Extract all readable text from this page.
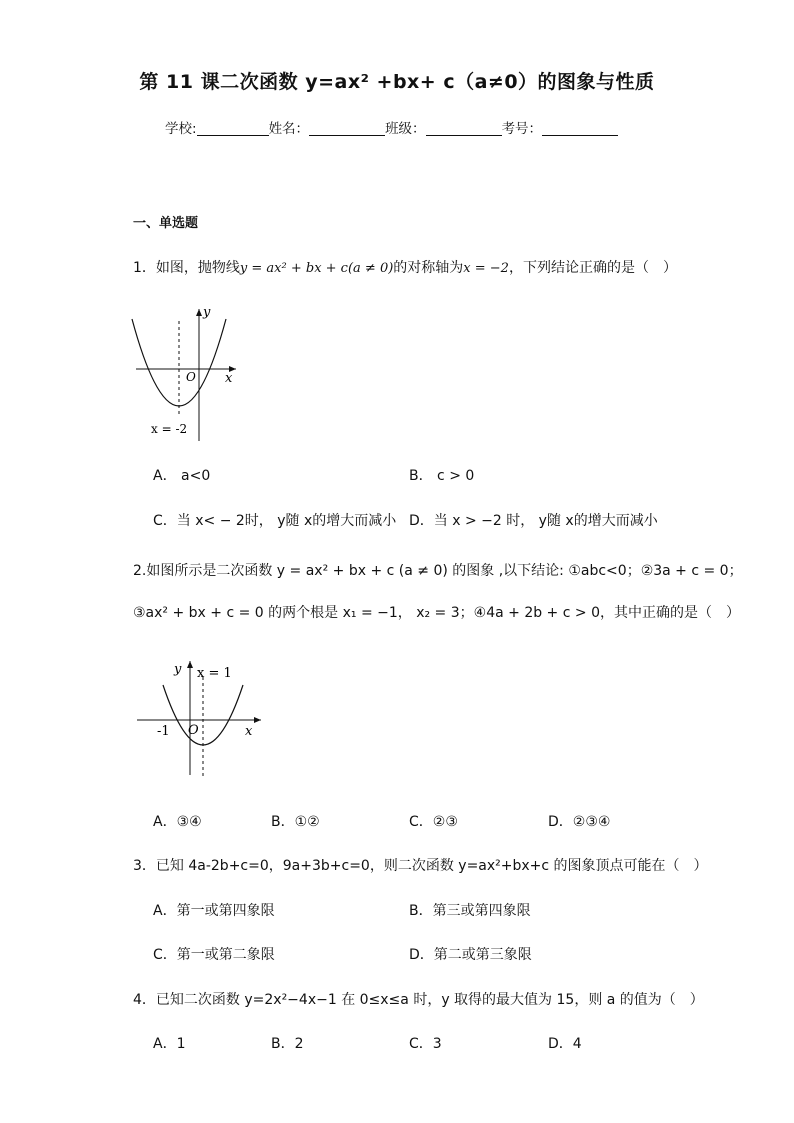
第 11 课二次函数 y=ax² +bx+ c（a≠0）的图象与性质
学校:	姓名：	班级：	考号：
一、单选题
1．如图，抛物线y = ax² + bx + c(a ≠ 0)的对称轴为x = −2，下列结论正确的是（　）
y
x
O
x = -2
A． a<0	B． c > 0
C．当 x< − 2时， y随 x的增大而减小 D．当 x > −2 时， y随 x的增大而减小
2.如图所示是二次函数 y = ax² + bx + c (a ≠ 0) 的图象 ,以下结论: ①abc<0；②3a + c = 0；
③ax² + bx + c = 0 的两个根是 x₁ = −1， x₂ = 3；④4a + 2b + c > 0，其中正确的是（　）
y x = 1
x
O
-1
A．③④	B．①②	C．②③	D．②③④
3．已知 4a-2b+c=0，9a+3b+c=0，则二次函数 y=ax²+bx+c 的图象顶点可能在（　）
A．第一或第四象限	B．第三或第四象限
C．第一或第二象限	D．第二或第三象限
4．已知二次函数 y=2x²−4x−1 在 0≤x≤a 时，y 取得的最大值为 15，则 a 的值为（　）
A．1	B．2	C．3	D．4
